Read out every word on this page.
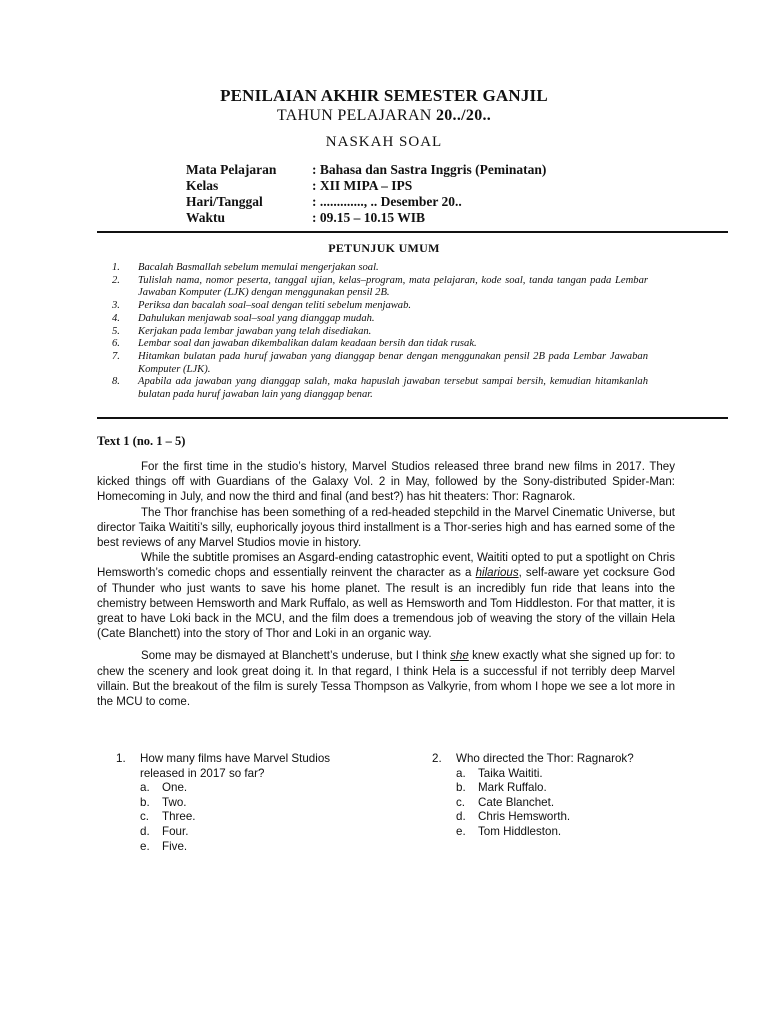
PENILAIAN AKHIR SEMESTER GANJIL
TAHUN PELAJARAN 20../20..
NASKAH SOAL
Mata Pelajaran	: Bahasa dan Sastra Inggris (Peminatan)
Kelas	: XII MIPA – IPS
Hari/Tanggal	: ............., .. Desember 20..
Waktu	: 09.15 – 10.15 WIB
PETUNJUK UMUM
1.	Bacalah Basmallah sebelum memulai mengerjakan soal.
2.	Tulislah nama, nomor peserta, tanggal ujian, kelas–program, mata pelajaran, kode soal, tanda tangan pada Lembar Jawaban Komputer (LJK) dengan menggunakan pensil 2B.
3.	Periksa dan bacalah soal–soal dengan teliti sebelum menjawab.
4.	Dahulukan menjawab soal–soal yang dianggap mudah.
5.	Kerjakan pada lembar jawaban yang telah disediakan.
6.	Lembar soal dan jawaban dikembalikan dalam keadaan bersih dan tidak rusak.
7.	Hitamkan bulatan pada huruf jawaban yang dianggap benar dengan menggunakan pensil 2B pada Lembar Jawaban Komputer (LJK).
8.	Apabila ada jawaban yang dianggap salah, maka hapuslah jawaban tersebut sampai bersih, kemudian hitamkanlah bulatan pada huruf jawaban lain yang dianggap benar.
Text 1 (no. 1 – 5)

For the first time in the studio’s history, Marvel Studios released three brand new films in 2017. They kicked things off with Guardians of the Galaxy Vol. 2 in May, followed by the Sony-distributed Spider-Man: Homecoming in July, and now the third and final (and best?) has hit theaters: Thor: Ragnarok.

The Thor franchise has been something of a red-headed stepchild in the Marvel Cinematic Universe, but director Taika Waititi’s silly, euphorically joyous third installment is a Thor-series high and has earned some of the best reviews of any Marvel Studios movie in history.

While the subtitle promises an Asgard-ending catastrophic event, Waititi opted to put a spotlight on Chris Hemsworth’s comedic chops and essentially reinvent the character as a hilarious, self-aware yet cocksure God of Thunder who just wants to save his home planet. The result is an incredibly fun ride that leans into the chemistry between Hemsworth and Mark Ruffalo, as well as Hemsworth and Tom Hiddleston. For that matter, it is great to have Loki back in the MCU, and the film does a tremendous job of weaving the story of the villain Hela (Cate Blanchett) into the story of Thor and Loki in an organic way.

Some may be dismayed at Blanchett’s underuse, but I think she knew exactly what she signed up for: to chew the scenery and look great doing it. In that regard, I think Hela is a successful if not terribly deep Marvel villain. But the breakout of the film is surely Tessa Thompson as Valkyrie, from whom I hope we see a lot more in the MCU to come.

1.	How many films have Marvel Studios released in 2017 so far?
a.	One.
b.	Two.
c.	Three.
d.	Four.
e.	Five.
2.	Who directed the Thor: Ragnarok?
a.	Taika Waititi.
b.	Mark Ruffalo.
c.	Cate Blanchet.
d.	Chris Hemsworth.
e.	Tom Hiddleston.
